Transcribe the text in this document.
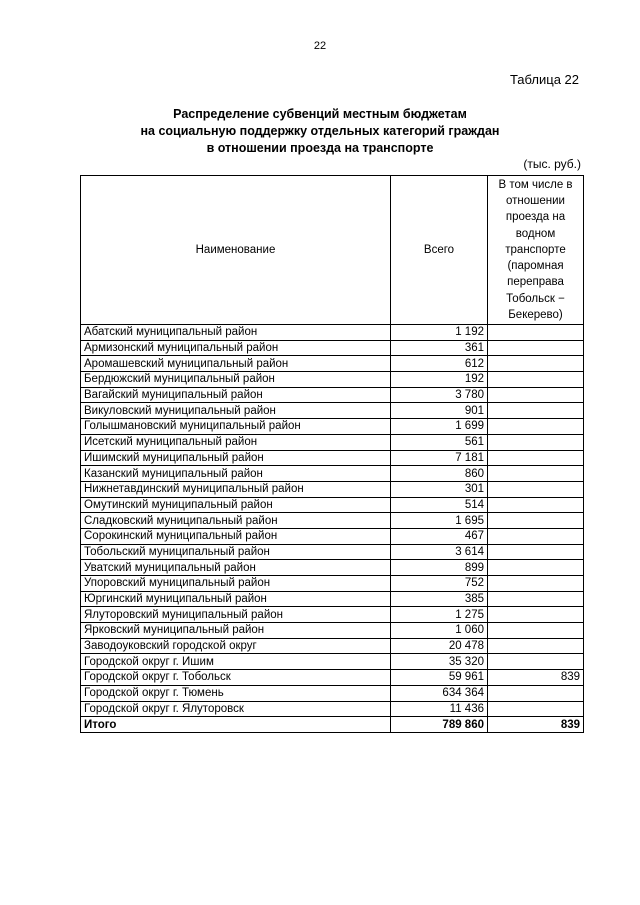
22
Таблица 22
Распределение субвенций местным бюджетам
на социальную поддержку отдельных категорий граждан
в отношении проезда на транспорте
(тыс. руб.)
Наименование	Всего	В том числе в отношении проезда на водном транспорте (паромная переправа Тобольск − Бекерево)
Абатский муниципальный район	1 192	
Армизонский муниципальный район	361	
Аромашевский муниципальный район	612	
Бердюжский муниципальный район	192	
Вагайский муниципальный район	3 780	
Викуловский муниципальный район	901	
Голышмановский муниципальный район	1 699	
Исетский муниципальный район	561	
Ишимский муниципальный район	7 181	
Казанский муниципальный район	860	
Нижнетавдинский муниципальный район	301	
Омутинский муниципальный район	514	
Сладковский муниципальный район	1 695	
Сорокинский муниципальный район	467	
Тобольский муниципальный район	3 614	
Уватский муниципальный район	899	
Упоровский муниципальный район	752	
Юргинский муниципальный район	385	
Ялуторовский муниципальный район	1 275	
Ярковский муниципальный район	1 060	
Заводоуковский городской округ	20 478	
Городской округ г. Ишим	35 320	
Городской округ г. Тобольск	59 961	839
Городской округ г. Тюмень	634 364	
Городской округ г. Ялуторовск	11 436	
Итого	789 860	839
